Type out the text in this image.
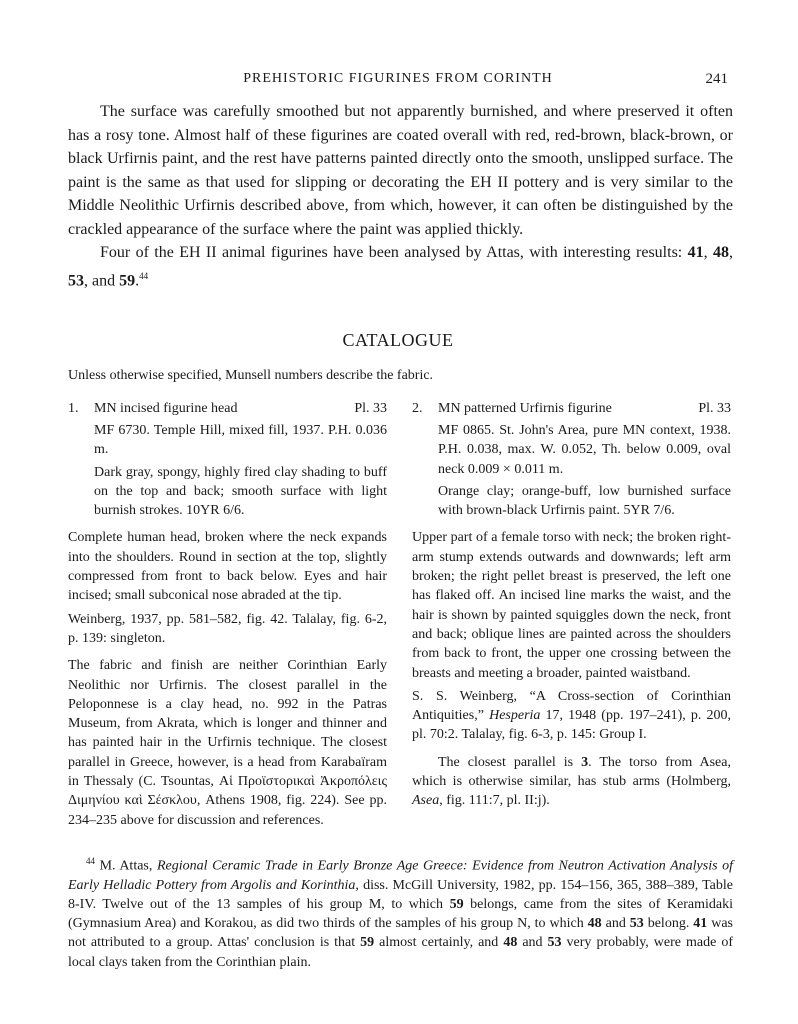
PREHISTORIC FIGURINES FROM CORINTH	241

The surface was carefully smoothed but not apparently burnished, and where preserved it often has a rosy tone. Almost half of these figurines are coated overall with red, red-brown, black-brown, or black Urfirnis paint, and the rest have patterns painted directly onto the smooth, unslipped surface. The paint is the same as that used for slipping or decorating the EH II pottery and is very similar to the Middle Neolithic Urfirnis described above, from which, however, it can often be distinguished by the crackled appearance of the surface where the paint was applied thickly.

Four of the EH II animal figurines have been analysed by Attas, with interesting results: 41, 48, 53, and 59.44

CATALOGUE
Unless otherwise specified, Munsell numbers describe the fabric.
1. MN incised figurine head	Pl. 33

MF 6730. Temple Hill, mixed fill, 1937. P.H. 0.036 m.

Dark gray, spongy, highly fired clay shading to buff on the top and back; smooth surface with light burnish strokes. 10YR 6/6.

Complete human head, broken where the neck expands into the shoulders. Round in section at the top, slightly compressed from front to back below. Eyes and hair incised; small subconical nose abraded at the tip.

Weinberg, 1937, pp. 581–582, fig. 42. Talalay, fig. 6-2, p. 139: singleton.

The fabric and finish are neither Corinthian Early Neolithic nor Urfirnis. The closest parallel in the Peloponnese is a clay head, no. 992 in the Patras Museum, from Akrata, which is longer and thinner and has painted hair in the Urfirnis technique. The closest parallel in Greece, however, is a head from Karabaïram in Thessaly (C. Tsountas, Αἱ Προϊστορικαὶ Ἀκροπόλεις Διμηνίου καὶ Σέσκλου, Athens 1908, fig. 224). See pp. 234–235 above for discussion and references.

2. MN patterned Urfirnis figurine	Pl. 33

MF 0865. St. John's Area, pure MN context, 1938. P.H. 0.038, max. W. 0.052, Th. below 0.009, oval neck 0.009 × 0.011 m.

Orange clay; orange-buff, low burnished surface with brown-black Urfirnis paint. 5YR 7/6.

Upper part of a female torso with neck; the broken right-arm stump extends outwards and downwards; left arm broken; the right pellet breast is preserved, the left one has flaked off. An incised line marks the waist, and the hair is shown by painted squiggles down the neck, front and back; oblique lines are painted across the shoulders from back to front, the upper one crossing between the breasts and meeting a broader, painted waistband.

S. S. Weinberg, “A Cross-section of Corinthian Antiquities,” Hesperia 17, 1948 (pp. 197–241), p. 200, pl. 70:2. Talalay, fig. 6-3, p. 145: Group I.

The closest parallel is 3. The torso from Asea, which is otherwise similar, has stub arms (Holmberg, Asea, fig. 111:7, pl. II:j).

$^{44}$ M. Attas, Regional Ceramic Trade in Early Bronze Age Greece: Evidence from Neutron Activation Analysis of Early Helladic Pottery from Argolis and Korinthia, diss. McGill University, 1982, pp. 154–156, 365, 388–389, Table 8-IV. Twelve out of the 13 samples of his group M, to which 59 belongs, came from the sites of Keramidaki (Gymnasium Area) and Korakou, as did two thirds of the samples of his group N, to which 48 and 53 belong. 41 was not attributed to a group. Attas' conclusion is that 59 almost certainly, and 48 and 53 very probably, were made of local clays taken from the Corinthian plain.
